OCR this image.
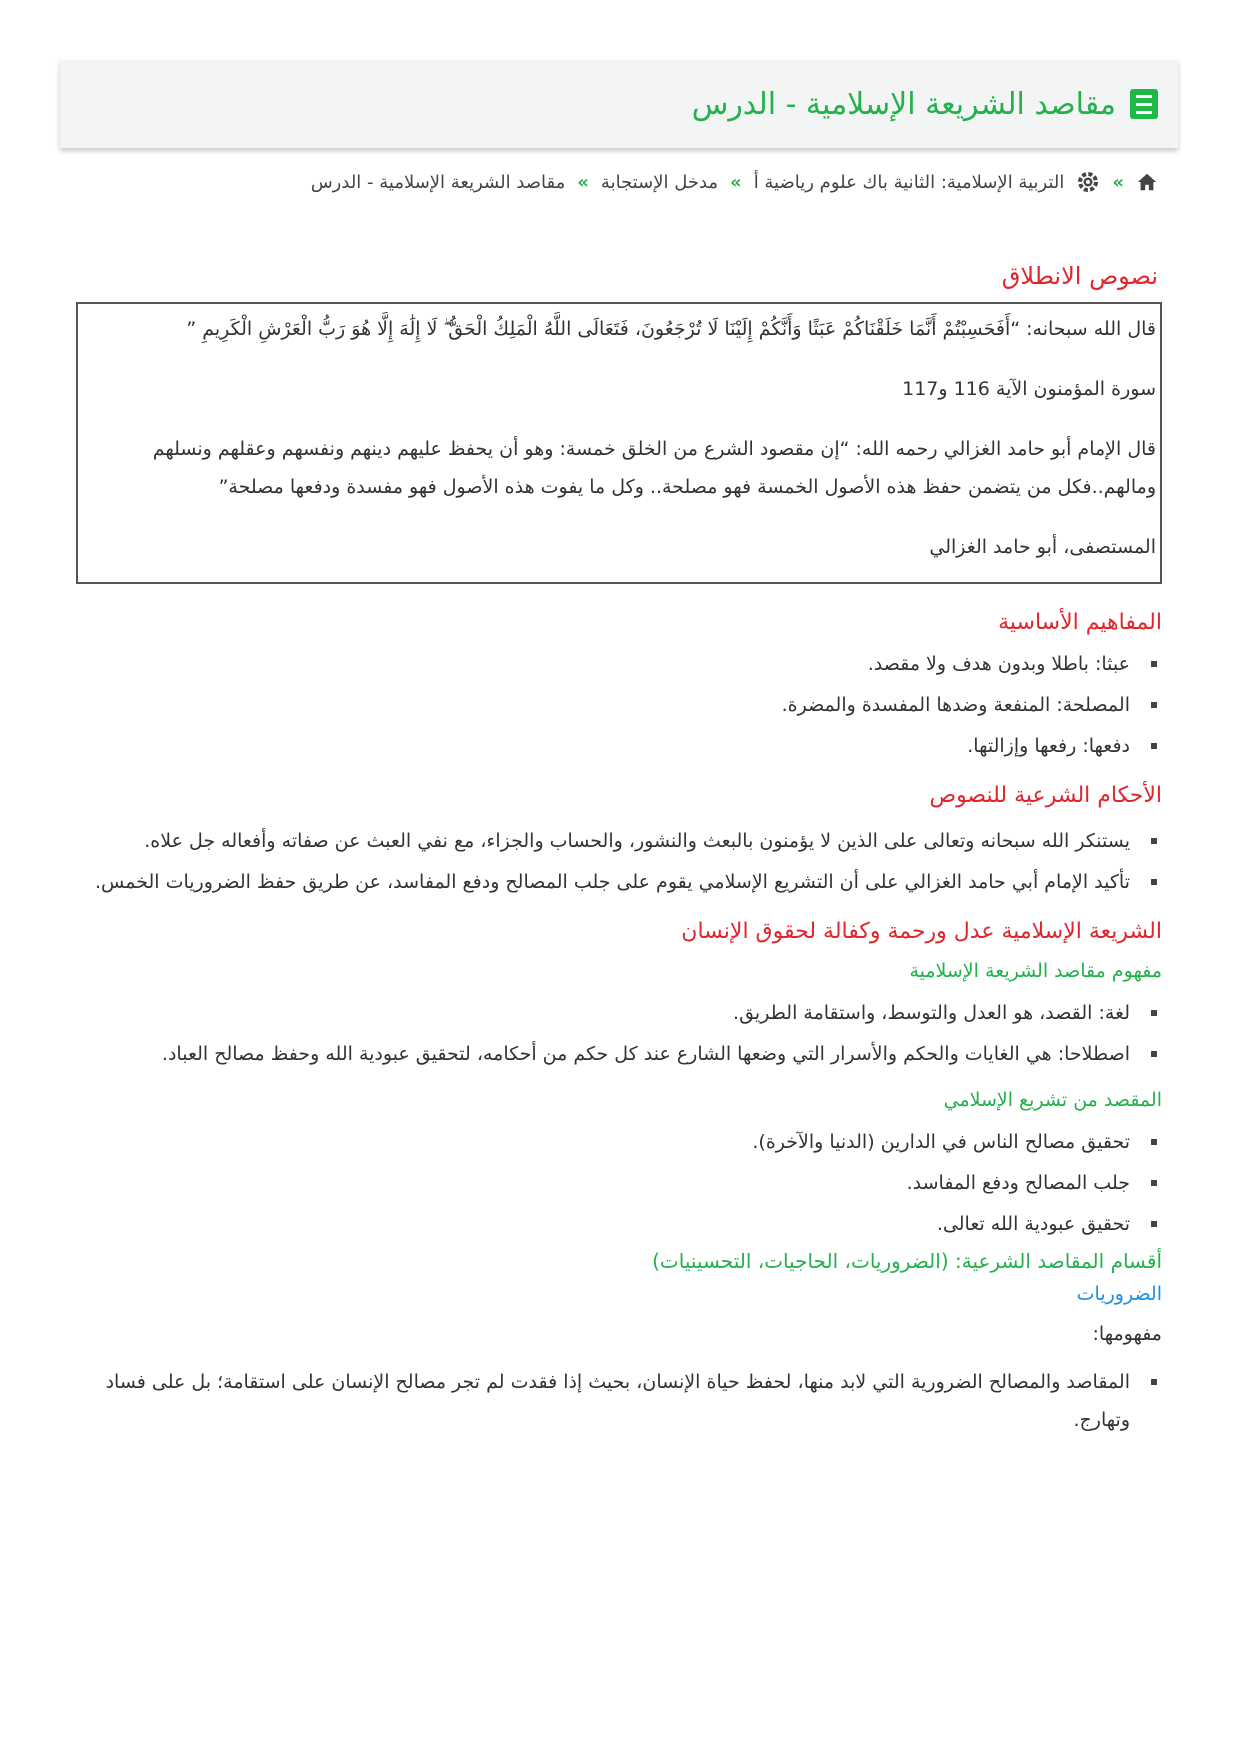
مقاصد الشريعة الإسلامية - الدرس
»
التربية الإسلامية: الثانية باك علوم رياضية أ
»
مدخل الإستجابة
»
مقاصد الشريعة الإسلامية - الدرس
نصوص الانطلاق

قال الله سبحانه: “أَفَحَسِبْتُمْ أَنَّمَا خَلَقْنَاكُمْ عَبَثًا وَأَنَّكُمْ إِلَيْنَا لَا تُرْجَعُونَ، فَتَعَالَى اللَّهُ الْمَلِكُ الْحَقُّ ۖ لَا إِلَٰهَ إِلَّا هُوَ رَبُّ الْعَرْشِ الْكَرِيمِ ”

سورة المؤمنون الآية 116 و117

قال الإمام أبو حامد الغزالي رحمه الله: “إن مقصود الشرع من الخلق خمسة: وهو أن يحفظ عليهم دينهم ونفسهم وعقلهم ونسلهم ومالهم..فكل من يتضمن حفظ هذه الأصول الخمسة فهو مصلحة.. وكل ما يفوت هذه الأصول فهو مفسدة ودفعها مصلحة”

المستصفى، أبو حامد الغزالي

المفاهيم الأساسية
عبثا: باطلا وبدون هدف ولا مقصد.
المصلحة: المنفعة وضدها المفسدة والمضرة.
دفعها: رفعها وإزالتها.
الأحكام الشرعية للنصوص
يستنكر الله سبحانه وتعالى على الذين لا يؤمنون بالبعث والنشور، والحساب والجزاء، مع نفي العبث عن صفاته وأفعاله جل علاه.
تأكيد الإمام أبي حامد الغزالي على أن التشريع الإسلامي يقوم على جلب المصالح ودفع المفاسد، عن طريق حفظ الضروريات الخمس.
الشريعة الإسلامية عدل ورحمة وكفالة لحقوق الإنسان
مفهوم مقاصد الشريعة الإسلامية
لغة: القصد، هو العدل والتوسط، واستقامة الطريق.
اصطلاحا: هي الغايات والحكم والأسرار التي وضعها الشارع عند كل حكم من أحكامه، لتحقيق عبودية الله وحفظ مصالح العباد.
المقصد من تشريع الإسلامي
تحقيق مصالح الناس في الدارين (الدنيا والآخرة).
جلب المصالح ودفع المفاسد.
تحقيق عبودية الله تعالى.
أقسام المقاصد الشرعية: (الضروريات، الحاجيات، التحسينيات)
الضروريات

مفهومها:

المقاصد والمصالح الضرورية التي لابد منها، لحفظ حياة الإنسان، بحيث إذا فقدت لم تجر مصالح الإنسان على استقامة؛ بل على فساد وتهارج.
